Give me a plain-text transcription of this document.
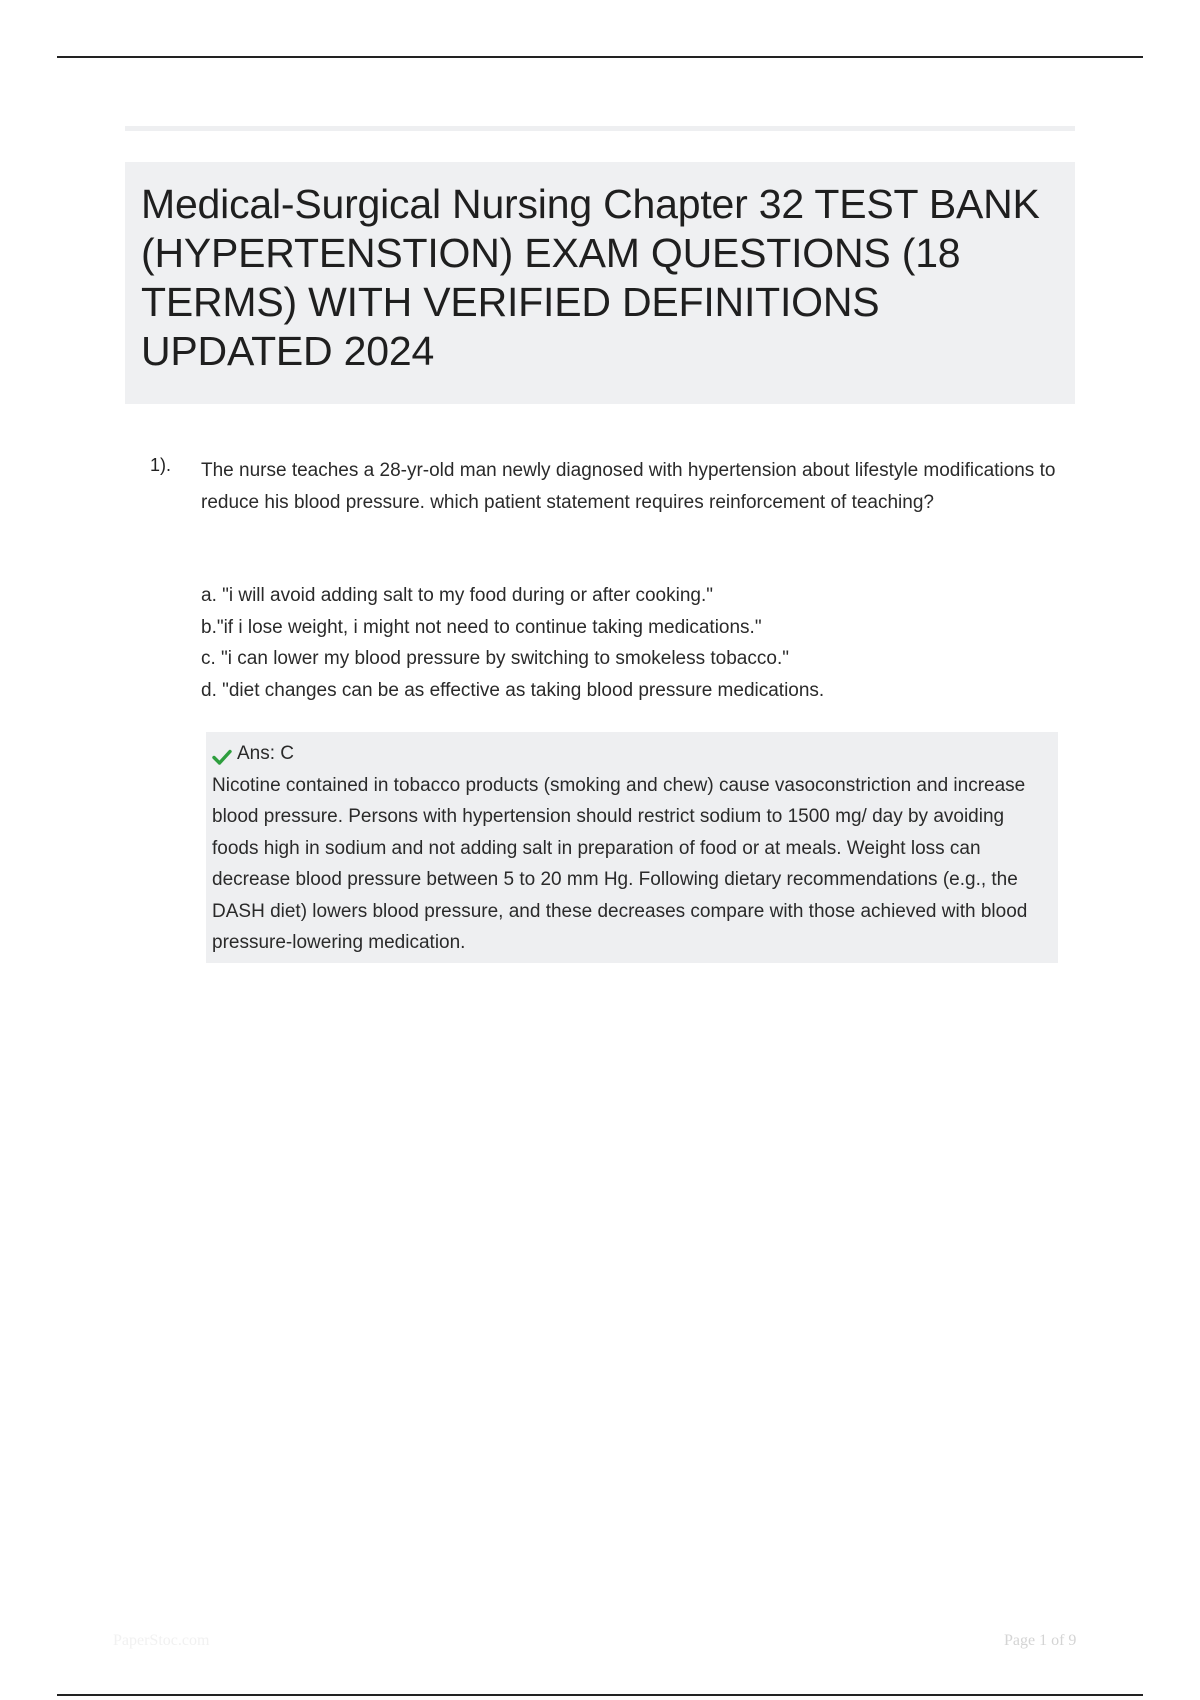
Medical-Surgical Nursing Chapter 32 TEST BANK (HYPERTENSTION) EXAM QUESTIONS (18 TERMS) WITH VERIFIED DEFINITIONS UPDATED 2024
1). The nurse teaches a 28-yr-old man newly diagnosed with hypertension about lifestyle modifications to reduce his blood pressure. which patient statement requires reinforcement of teaching?
a. "i will avoid adding salt to my food during or after cooking."
b."if i lose weight, i might not need to continue taking medications."
c. "i can lower my blood pressure by switching to smokeless tobacco."
d. "diet changes can be as effective as taking blood pressure medications.
Ans: C
Nicotine contained in tobacco products (smoking and chew) cause vasoconstriction and increase blood pressure. Persons with hypertension should restrict sodium to 1500 mg/ day by avoiding foods high in sodium and not adding salt in preparation of food or at meals. Weight loss can decrease blood pressure between 5 to 20 mm Hg. Following dietary recommendations (e.g., the DASH diet) lowers blood pressure, and these decreases compare with those achieved with blood pressure-lowering medication.
PaperStoc.com	Page 1 of 9
